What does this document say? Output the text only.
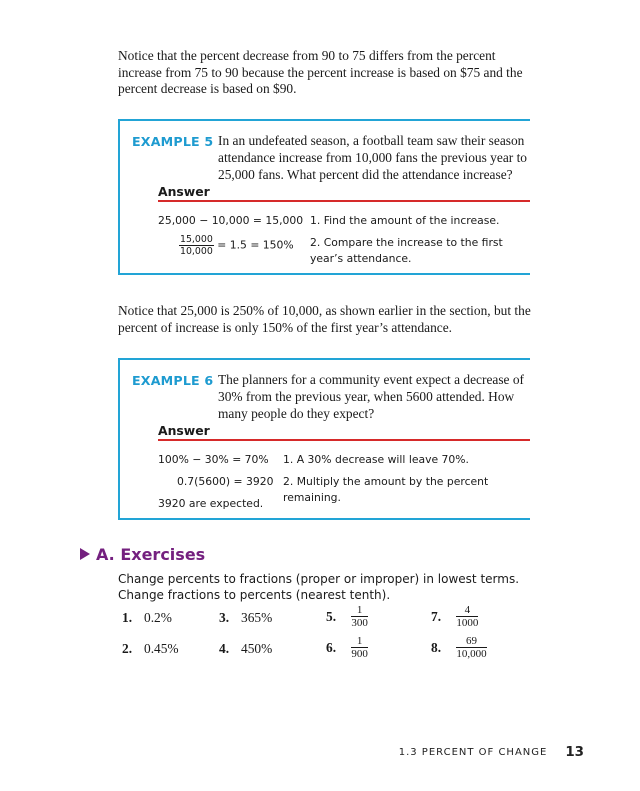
Notice that the percent decrease from 90 to 75 differs from the percent increase from 75 to 90 because the percent increase is based on $75 and the percent decrease is based on $90.
EXAMPLE 5 In an undefeated season, a football team saw their season attendance increase from 10,000 fans the previous year to 25,000 fans. What percent did the attendance increase?
Answer
25,000 − 10,000 = 15,000 1. Find the amount of the increase.
$\frac{15,000}{10,000} = 1.5 = 150\%$ 2. Compare the increase to the first year’s attendance.
Notice that 25,000 is 250% of 10,000, as shown earlier in the section, but the percent of increase is only 150% of the first year’s attendance.
EXAMPLE 6 The planners for a community event expect a decrease of 30% from the previous year, when 5600 attended. How many people do they expect?
Answer
100% − 30% = 70% 1. A 30% decrease will leave 70%.
0.7(5600) = 3920 2. Multiply the amount by the percent remaining.
3920 are expected.
A. Exercises
Change percents to fractions (proper or improper) in lowest terms. Change fractions to percents (nearest tenth).
1. 0.2%
2. 0.45%
3. 365%
4. 450%
5. $\frac{1}{300}$
6. $\frac{1}{900}$
7. $\frac{4}{1000}$
8. $\frac{69}{10,000}$
1.3 PERCENT OF CHANGE 13
